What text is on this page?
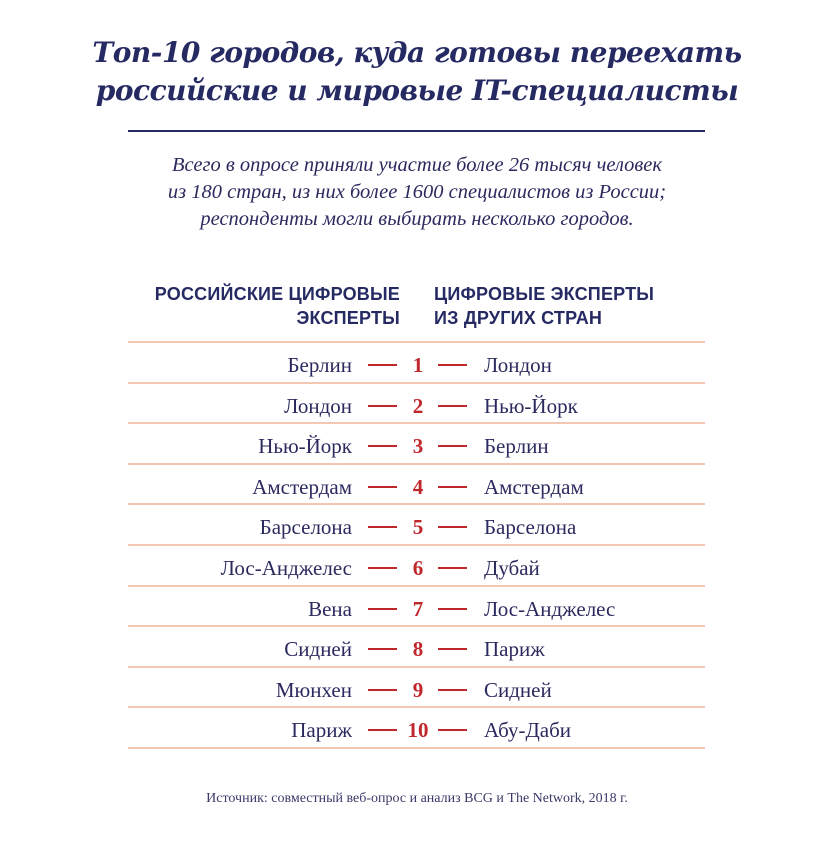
Топ-10 городов, куда готовы переехать
российские и мировые IT-специалисты
Всего в опросе приняли участие более 26 тысяч человек
из 180 стран, из них более 1600 специалистов из России;
респонденты могли выбирать несколько городов.
РОССИЙСКИЕ ЦИФРОВЫЕ
ЭКСПЕРТЫ
ЦИФРОВЫЕ ЭКСПЕРТЫ
ИЗ ДРУГИХ СТРАН
Берлин	1	Лондон
Лондон	2	Нью-Йорк
Нью-Йорк	3	Берлин
Амстердам	4	Амстердам
Барселона	5	Барселона
Лос-Анджелес	6	Дубай
Вена	7	Лос-Анджелес
Сидней	8	Париж
Мюнхен	9	Сидней
Париж	10	Абу-Даби
Источник: совместный веб-опрос и анализ BCG и The Network, 2018 г.
